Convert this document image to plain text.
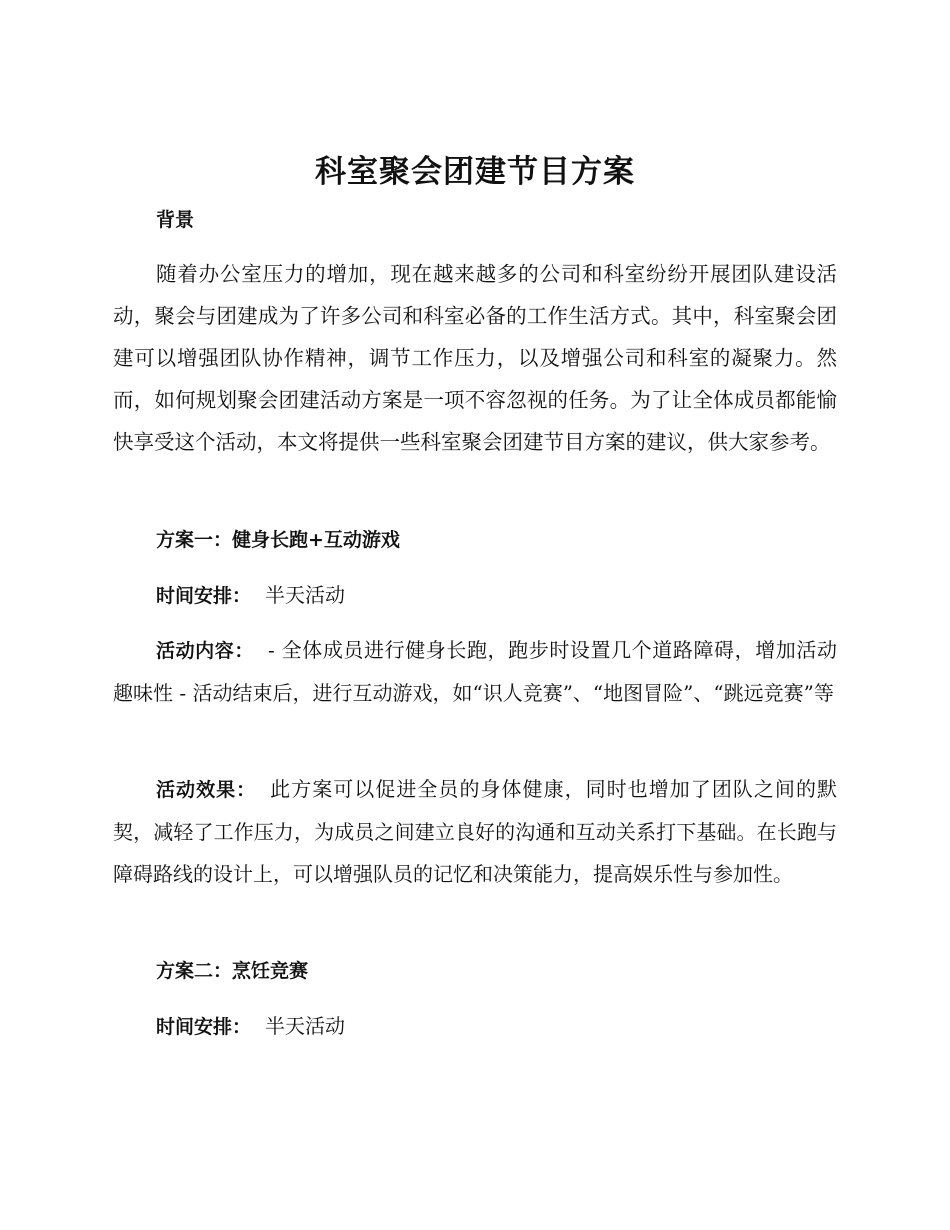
科室聚会团建节目方案
背景
随着办公室压力的增加，现在越来越多的公司和科室纷纷开展团队建设活动，聚会与团建成为了许多公司和科室必备的工作生活方式。其中，科室聚会团建可以增强团队协作精神，调节工作压力，以及增强公司和科室的凝聚力。然而，如何规划聚会团建活动方案是一项不容忽视的任务。为了让全体成员都能愉快享受这个活动，本文将提供一些科室聚会团建节目方案的建议，供大家参考。
方案一：健身长跑+互动游戏
时间安排： 半天活动
活动内容： - 全体成员进行健身长跑，跑步时设置几个道路障碍，增加活动趣味性 - 活动结束后，进行互动游戏，如“识人竞赛”、“地图冒险”、“跳远竞赛”等
活动效果： 此方案可以促进全员的身体健康，同时也增加了团队之间的默契，减轻了工作压力，为成员之间建立良好的沟通和互动关系打下基础。在长跑与障碍路线的设计上，可以增强队员的记忆和决策能力，提高娱乐性与参加性。
方案二：烹饪竞赛
时间安排： 半天活动
